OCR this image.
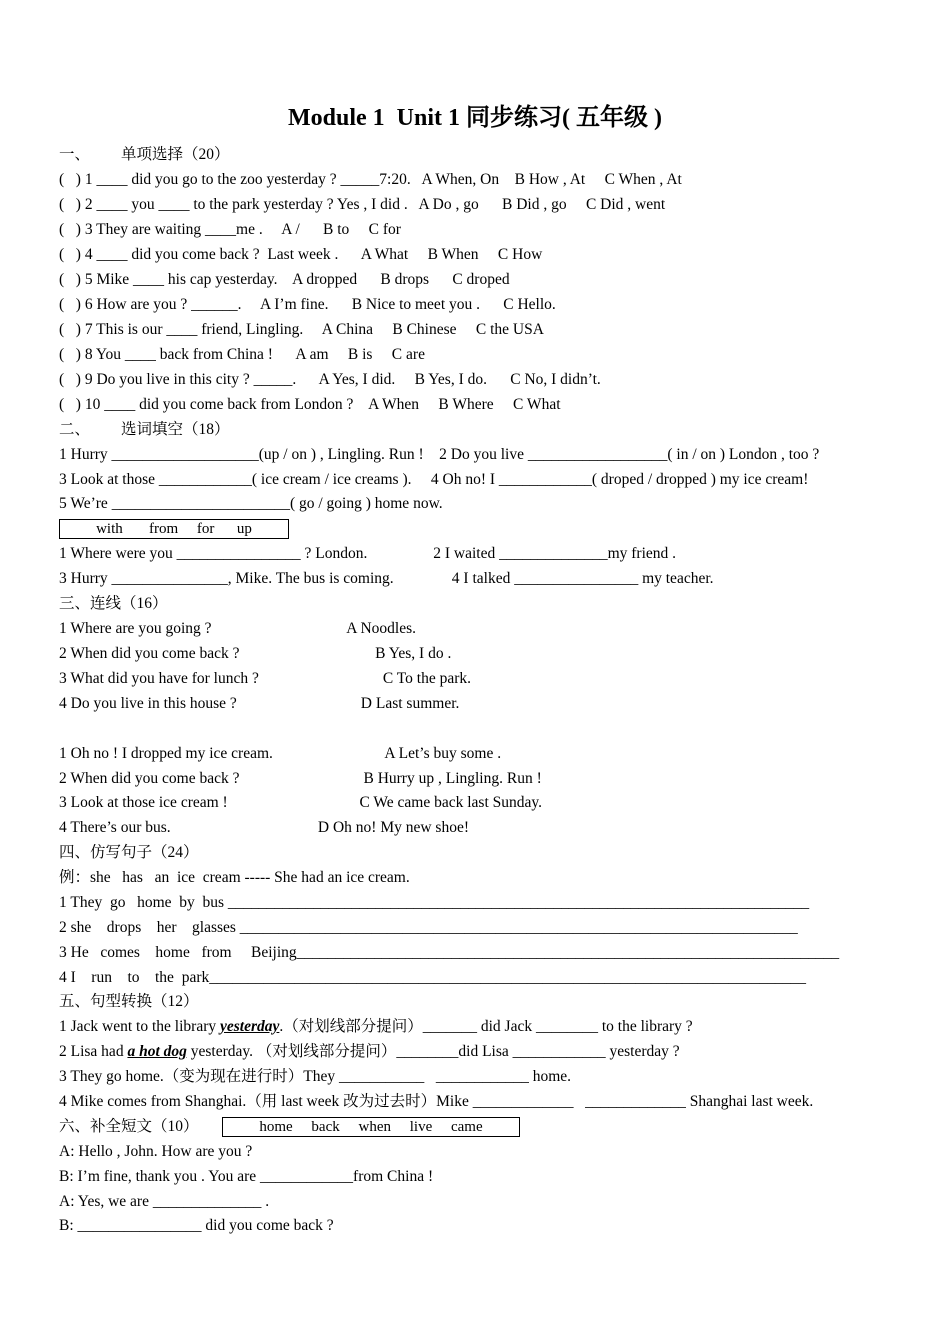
Module 1  Unit 1 同步练习( 五年级 )
一、        单项选择（20）
(   ) 1 ____ did you go to the zoo yesterday ? _____7:20.   A When, On    B How , At     C When , At
(   ) 2 ____ you ____ to the park yesterday ? Yes , I did .   A Do , go      B Did , go     C Did , went
(   ) 3 They are waiting ____me .     A /      B to     C for
(   ) 4 ____ did you come back ?  Last week .      A What     B When     C How
(   ) 5 Mike ____ his cap yesterday.    A dropped      B drops      C droped
(   ) 6 How are you ? ______.     A I’m fine.      B Nice to meet you .      C Hello.
(   ) 7 This is our ____ friend, Lingling.     A China     B Chinese     C the USA
(   ) 8 You ____ back from China !      A am     B is     C are
(   ) 9 Do you live in this city ? _____.      A Yes, I did.     B Yes, I do.      C No, I didn’t.
(   ) 10 ____ did you come back from London ?    A When     B Where     C What
二、        选词填空（18）
1 Hurry ___________________(up / on ) , Lingling. Run !    2 Do you live __________________( in / on ) London , too ?
3 Look at those ____________( ice cream / ice creams ).     4 Oh no! I ____________( droped / dropped ) my ice cream!
5 We’re _______________________( go / going ) home now.
with       from     for      up
1 Where were you ________________ ? London.                 2 I waited ______________my friend .
3 Hurry _______________, Mike. The bus is coming.               4 I talked ________________ my teacher.
三、连线（16）
1 Where are you going ?                                   A Noodles.
2 When did you come back ?                                   B Yes, I do .
3 What did you have for lunch ?                                C To the park.
4 Do you live in this house ?                                D Last summer.
1 Oh no ! I dropped my ice cream.                             A Let’s buy some .
2 When did you come back ?                                B Hurry up , Lingling. Run !
3 Look at those ice cream !                                  C We came back last Sunday.
4 There’s our bus.                                      D Oh no! My new shoe!
四、仿写句子（24）
例：she   has   an  ice  cream ----- She had an ice cream.
1 They  go   home  by  bus ___________________________________________________________________________
2 she    drops    her    glasses ________________________________________________________________________
3 He   comes    home   from     Beijing______________________________________________________________________
4 I    run    to    the  park_____________________________________________________________________________
五、句型转换（12）
1 Jack went to the library yesterday.（对划线部分提问）_______ did Jack ________ to the library ?
2 Lisa had a hot dog yesterday. （对划线部分提问）________did Lisa ____________ yesterday ?
3 They go home.（变为现在进行时）They ___________   ____________ home.
4 Mike comes from Shanghai.（用 last week 改为过去时）Mike _____________   _____________ Shanghai last week.
六、补全短文（10）	home     back     when     live     came
A: Hello , John. How are you ?
B: I’m fine, thank you . You are ____________from China !
A: Yes, we are ______________ .
B: ________________ did you come back ?
